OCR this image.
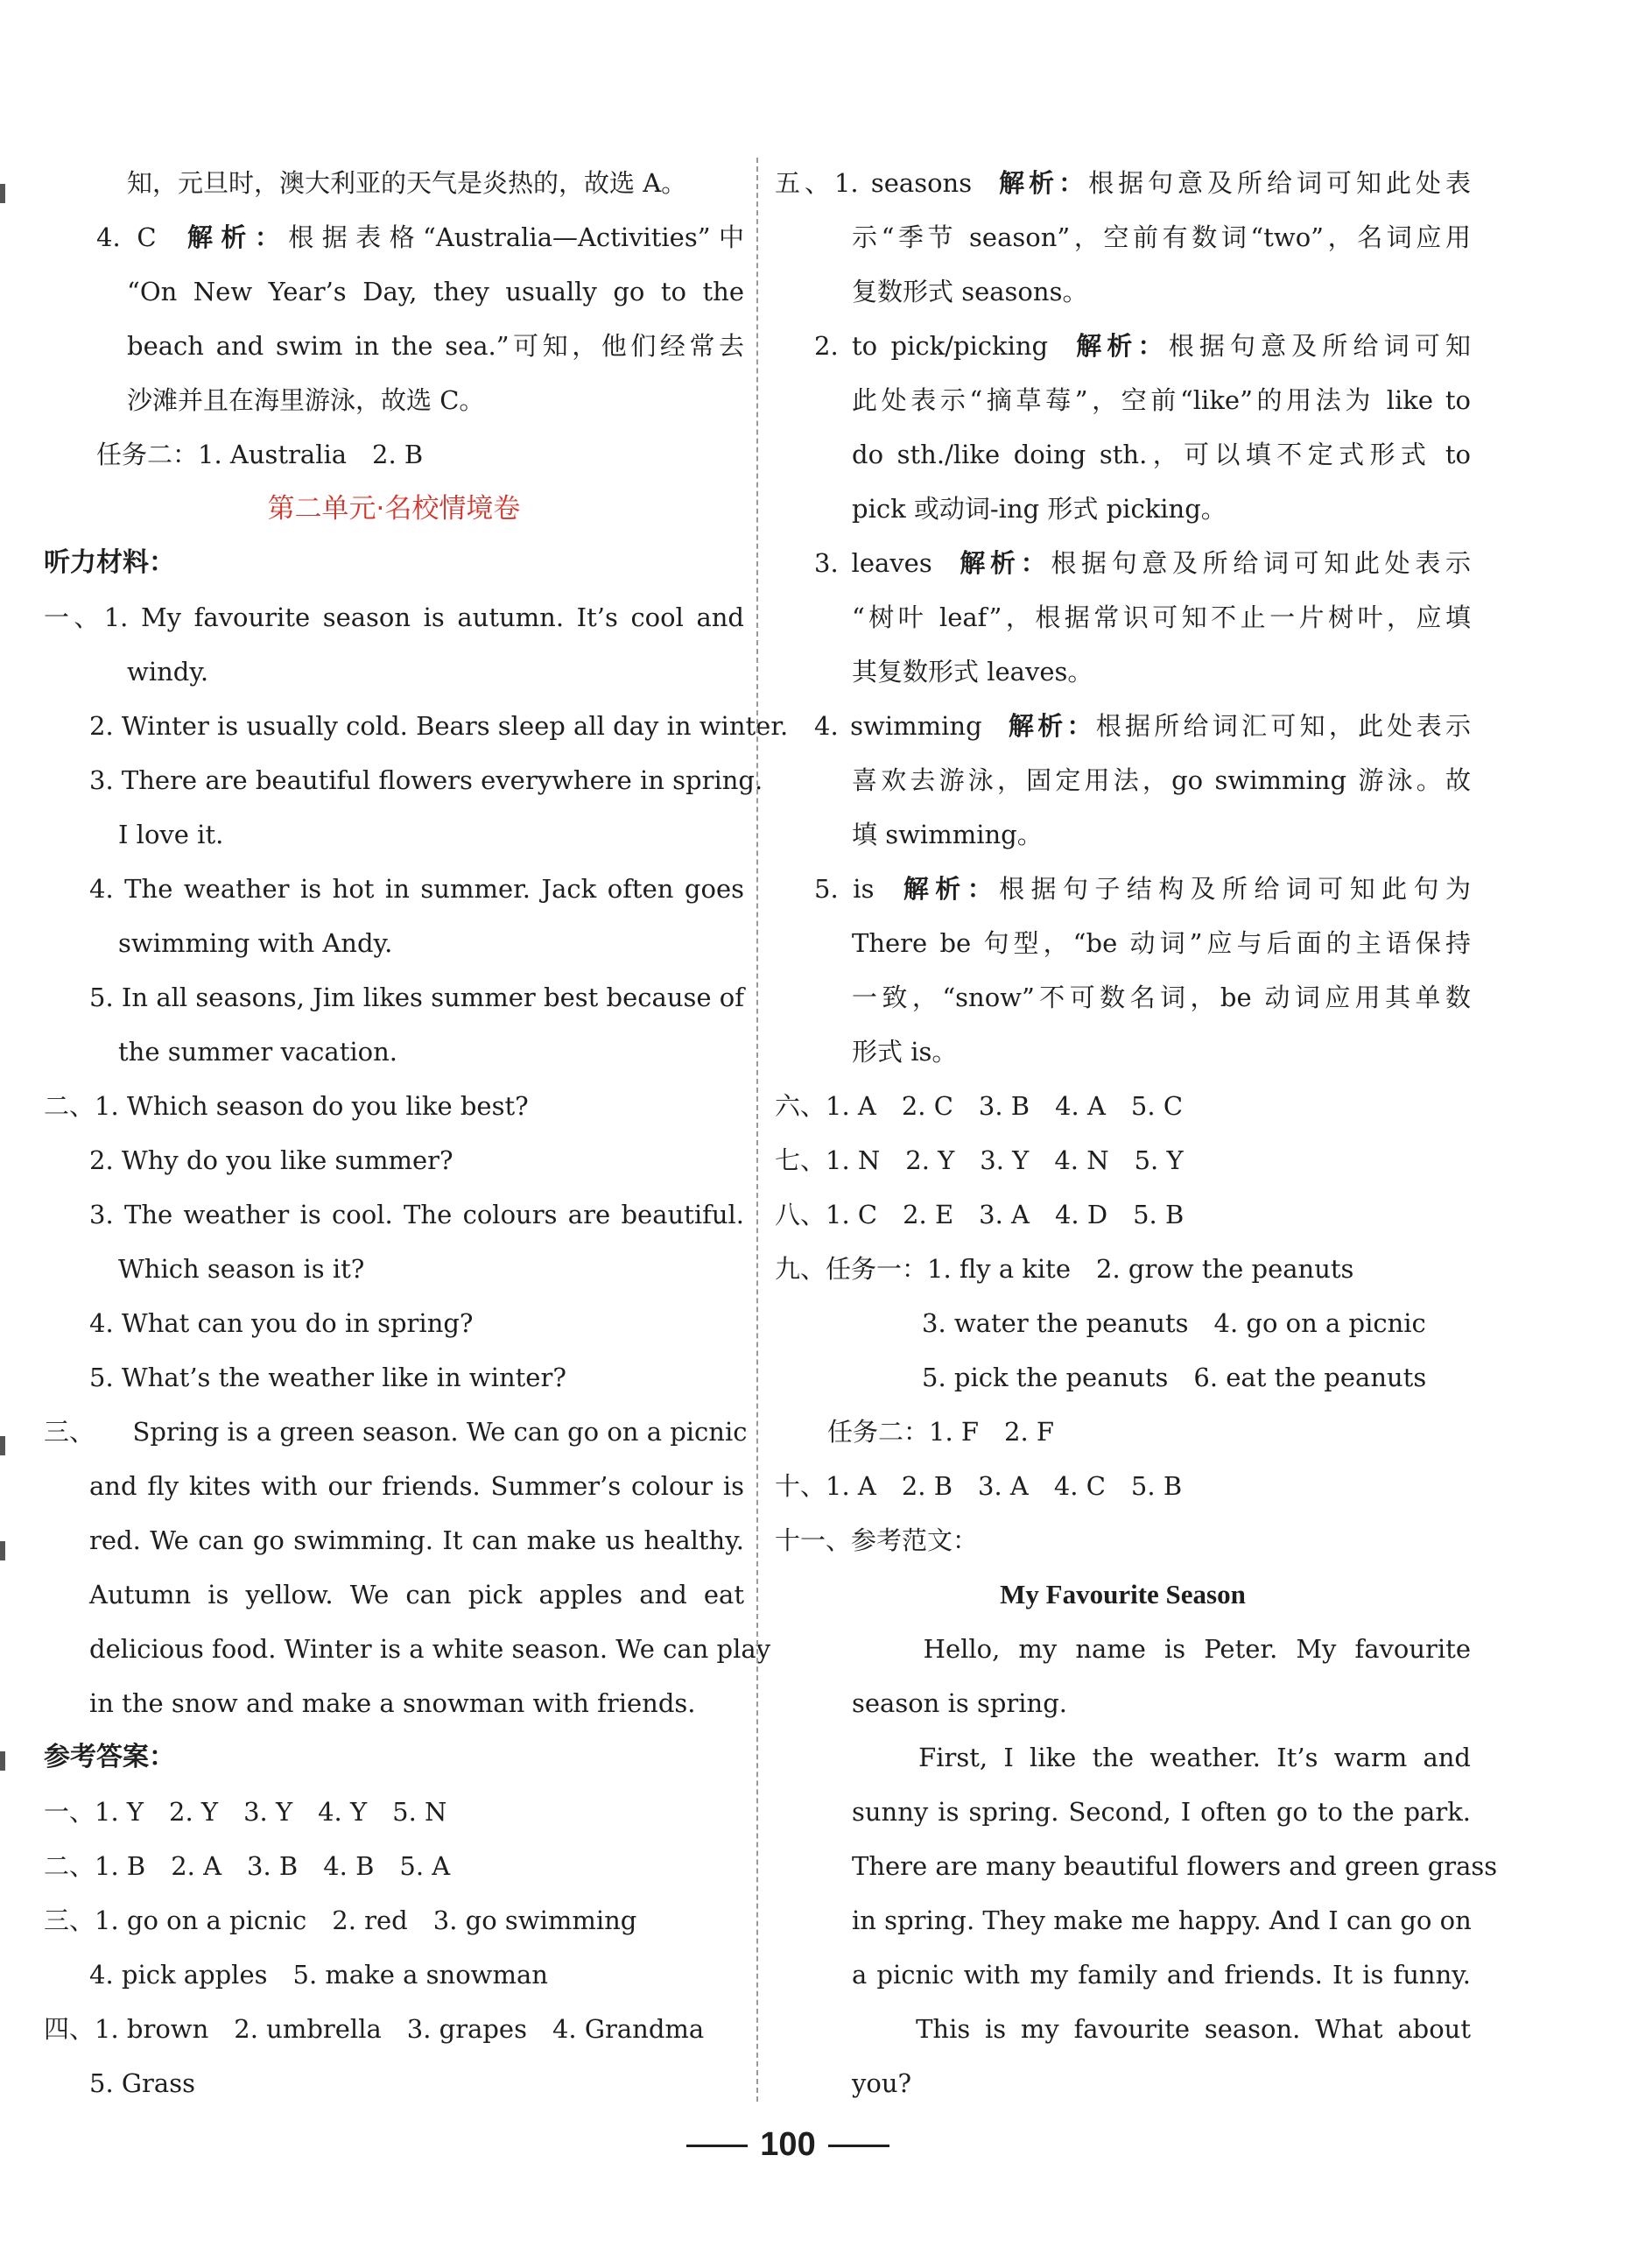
知，元旦时，澳大利亚的天气是炎热的，故选 A。
4. C 解析：根据表格“Australia—Activities”中
“On New Year’s Day, they usually go to the
beach and swim in the sea.”可知，他们经常去
沙滩并且在海里游泳，故选 C。
任务二：1. Australia　2. B
第二单元·名校情境卷
听力材料：
一、1. My favourite season is autumn. It’s cool and
windy.
2. Winter is usually cold. Bears sleep all day in winter.
3. There are beautiful flowers everywhere in spring.
I love it.
4. The weather is hot in summer. Jack often goes
swimming with Andy.
5. In all seasons, Jim likes summer best because of
the summer vacation.
二、1. Which season do you like best?
2. Why do you like summer?
3. The weather is cool. The colours are beautiful.
Which season is it?
4. What can you do in spring?
5. What’s the weather like in winter?
三、　　Spring is a green season. We can go on a picnic
and fly kites with our friends. Summer’s colour is
red. We can go swimming. It can make us healthy.
Autumn is yellow. We can pick apples and eat
delicious food. Winter is a white season. We can play
in the snow and make a snowman with friends.
参考答案：
一、1. Y　2. Y　3. Y　4. Y　5. N
二、1. B　2. A　3. B　4. B　5. A
三、1. go on a picnic　2. red　3. go swimming
4. pick apples　5. make a snowman
四、1. brown　2. umbrella　3. grapes　4. Grandma
5. Grass
五、1. seasons 解析：根据句意及所给词可知此处表
示“季节 season”，空前有数词“two”，名词应用
复数形式 seasons。
2. to pick/picking 解析：根据句意及所给词可知
此处表示“摘草莓”，空前“like”的用法为 like to
do sth./like doing sth.，可以填不定式形式 to
pick 或动词-ing 形式 picking。
3. leaves 解析：根据句意及所给词可知此处表示
“树叶 leaf”，根据常识可知不止一片树叶，应填
其复数形式 leaves。
4. swimming 解析：根据所给词汇可知，此处表示
喜欢去游泳，固定用法，go swimming 游泳。故
填 swimming。
5. is 解析：根据句子结构及所给词可知此句为
There be 句型，“be 动词”应与后面的主语保持
一致，“snow”不可数名词，be 动词应用其单数
形式 is。
六、1. A　2. C　3. B　4. A　5. C
七、1. N　2. Y　3. Y　4. N　5. Y
八、1. C　2. E　3. A　4. D　5. B
九、任务一：1. fly a kite　2. grow the peanuts
3. water the peanuts　4. go on a picnic
5. pick the peanuts　6. eat the peanuts
任务二：1. F　2. F
十、1. A　2. B　3. A　4. C　5. B
十一、参考范文：
My Favourite Season
　　Hello, my name is Peter. My favourite
season is spring.
　　First, I like the weather. It’s warm and
sunny is spring. Second, I often go to the park.
There are many beautiful flowers and green grass
in spring. They make me happy. And I can go on
a picnic with my family and friends. It is funny.
　　This is my favourite season. What about
you?
100
